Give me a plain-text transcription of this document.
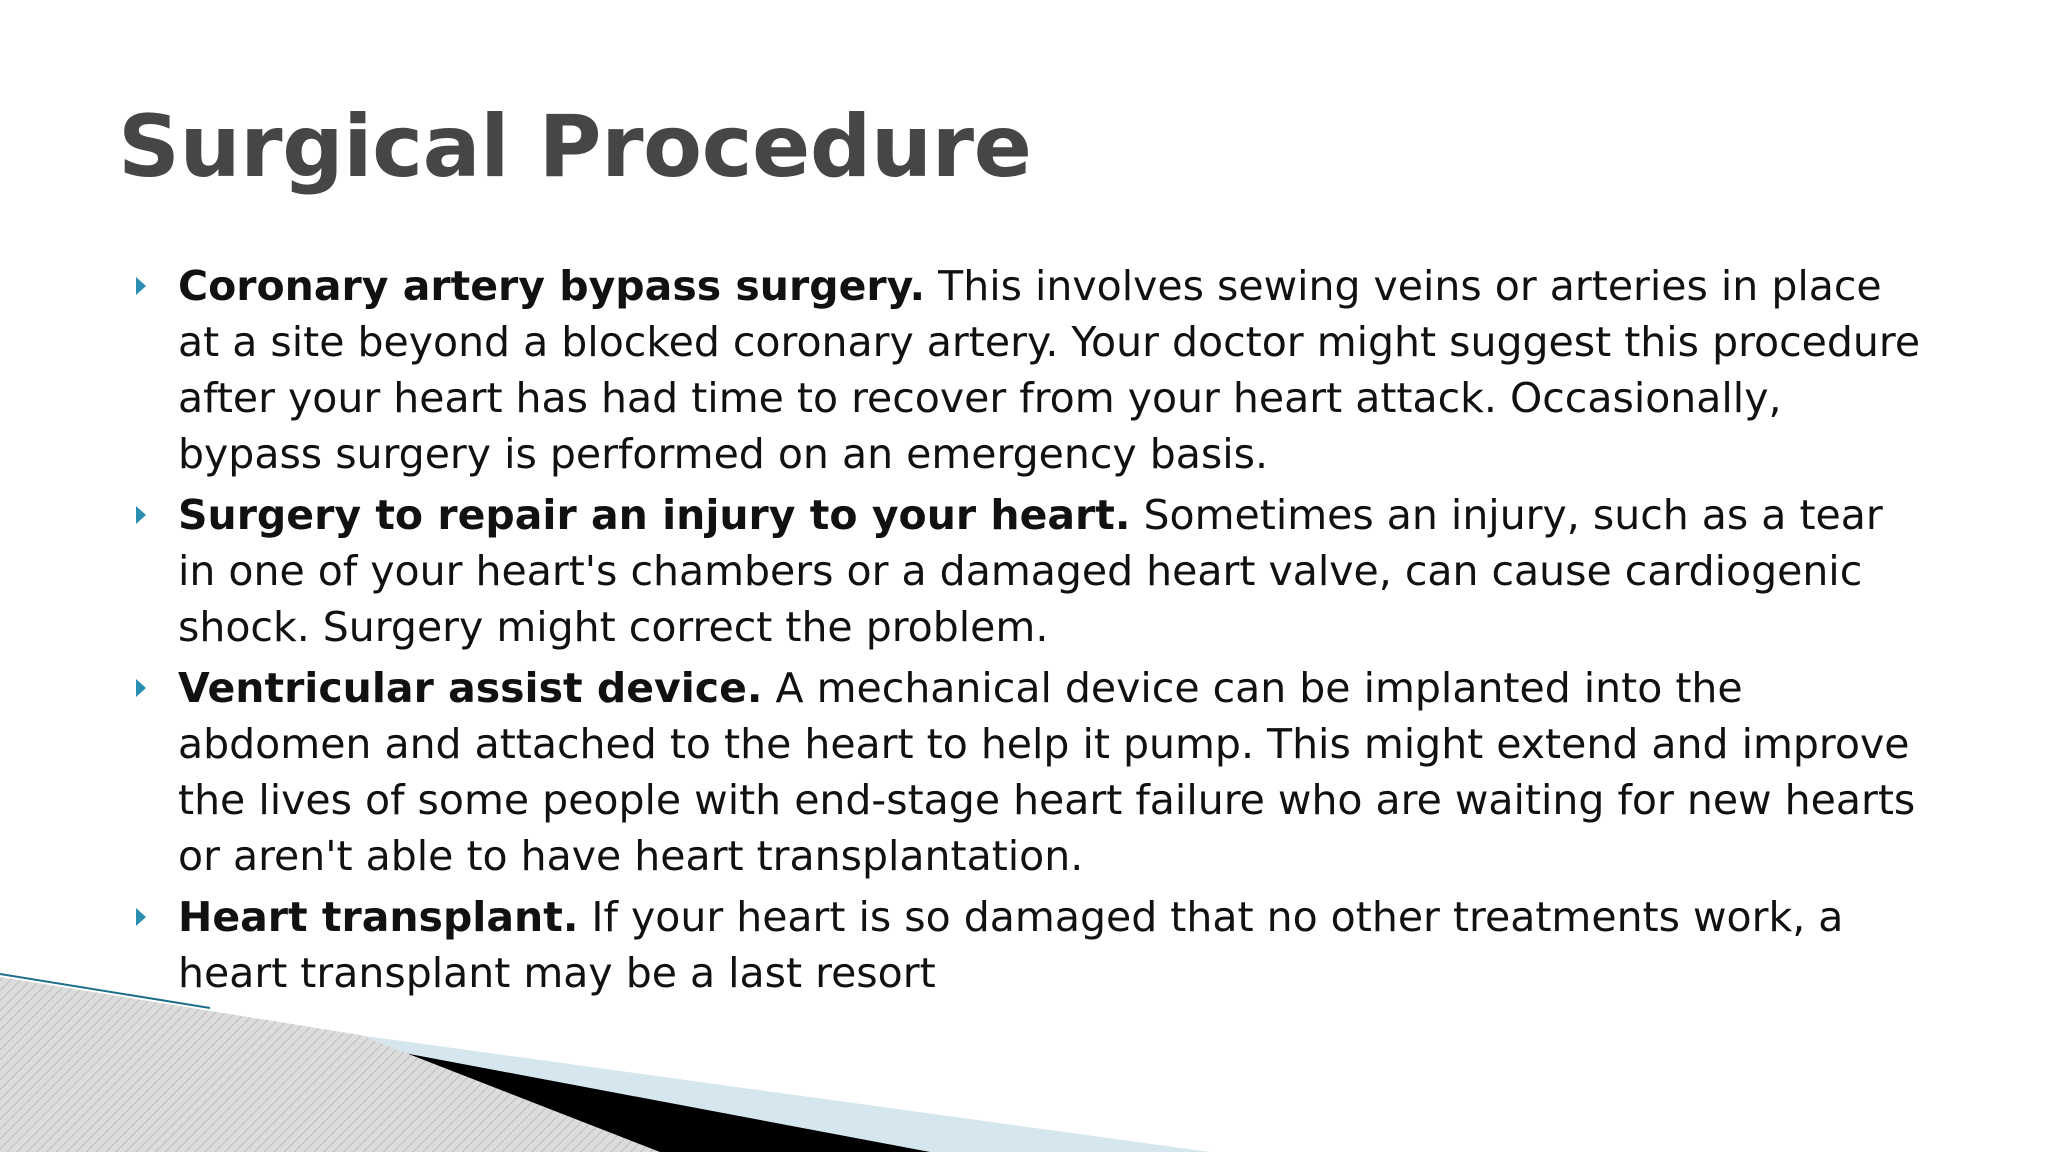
Surgical Procedure
Coronary artery bypass surgery. This involves sewing veins or arteries in place at a site beyond a blocked coronary artery. Your doctor might suggest this procedure after your heart has had time to recover from your heart attack. Occasionally, bypass surgery is performed on an emergency basis.
Surgery to repair an injury to your heart. Sometimes an injury, such as a tear in one of your heart's chambers or a damaged heart valve, can cause cardiogenic shock. Surgery might correct the problem.
Ventricular assist device. A mechanical device can be implanted into the abdomen and attached to the heart to help it pump. This might extend and improve the lives of some people with end-stage heart failure who are waiting for new hearts or aren't able to have heart transplantation.
Heart transplant. If your heart is so damaged that no other treatments work, a heart transplant may be a last resort
